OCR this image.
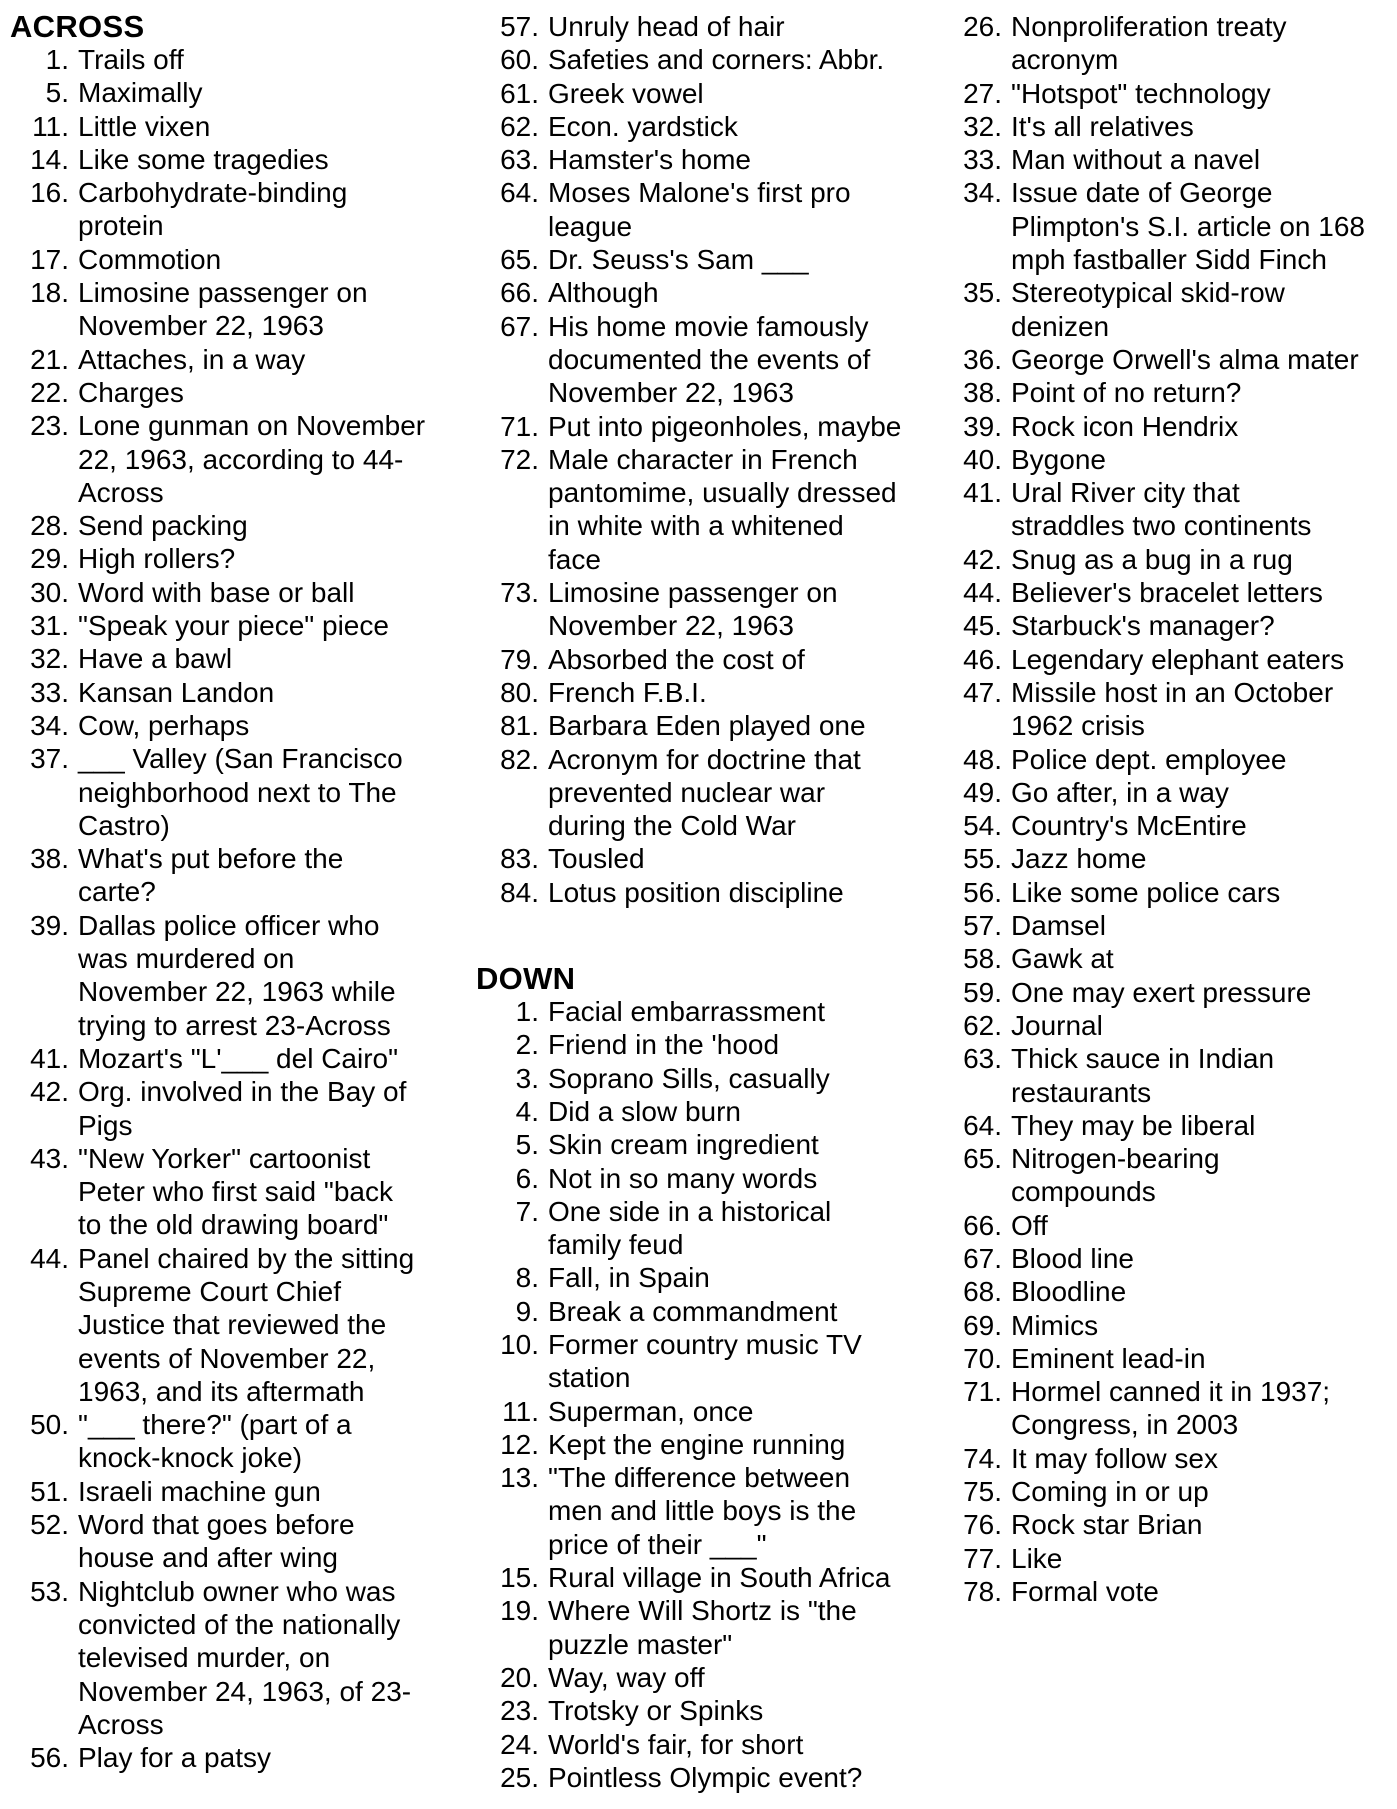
ACROSS
1. Trails off
5. Maximally
11. Little vixen
14. Like some tragedies
16. Carbohydrate-binding
protein
17. Commotion
18. Limosine passenger on
November 22, 1963
21. Attaches, in a way
22. Charges
23. Lone gunman on November
22, 1963, according to 44-
Across
28. Send packing
29. High rollers?
30. Word with base or ball
31. "Speak your piece" piece
32. Have a bawl
33. Kansan Landon
34. Cow, perhaps
37. ___ Valley (San Francisco
neighborhood next to The
Castro)
38. What's put before the
carte?
39. Dallas police officer who
was murdered on
November 22, 1963 while
trying to arrest 23-Across
41. Mozart's "L'___ del Cairo"
42. Org. involved in the Bay of
Pigs
43. "New Yorker" cartoonist
Peter who first said "back
to the old drawing board"
44. Panel chaired by the sitting
Supreme Court Chief
Justice that reviewed the
events of November 22,
1963, and its aftermath
50. "___ there?" (part of a
knock-knock joke)
51. Israeli machine gun
52. Word that goes before
house and after wing
53. Nightclub owner who was
convicted of the nationally
televised murder, on
November 24, 1963, of 23-
Across
56. Play for a patsy
57. Unruly head of hair
60. Safeties and corners: Abbr.
61. Greek vowel
62. Econ. yardstick
63. Hamster's home
64. Moses Malone's first pro
league
65. Dr. Seuss's Sam ___
66. Although
67. His home movie famously
documented the events of
November 22, 1963
71. Put into pigeonholes, maybe
72. Male character in French
pantomime, usually dressed
in white with a whitened
face
73. Limosine passenger on
November 22, 1963
79. Absorbed the cost of
80. French F.B.I.
81. Barbara Eden played one
82. Acronym for doctrine that
prevented nuclear war
during the Cold War
83. Tousled
84. Lotus position discipline
DOWN
1. Facial embarrassment
2. Friend in the 'hood
3. Soprano Sills, casually
4. Did a slow burn
5. Skin cream ingredient
6. Not in so many words
7. One side in a historical
family feud
8. Fall, in Spain
9. Break a commandment
10. Former country music TV
station
11. Superman, once
12. Kept the engine running
13. "The difference between
men and little boys is the
price of their ___"
15. Rural village in South Africa
19. Where Will Shortz is "the
puzzle master"
20. Way, way off
23. Trotsky or Spinks
24. World's fair, for short
25. Pointless Olympic event?
26. Nonproliferation treaty
acronym
27. "Hotspot" technology
32. It's all relatives
33. Man without a navel
34. Issue date of George
Plimpton's S.I. article on 168
mph fastballer Sidd Finch
35. Stereotypical skid-row
denizen
36. George Orwell's alma mater
38. Point of no return?
39. Rock icon Hendrix
40. Bygone
41. Ural River city that
straddles two continents
42. Snug as a bug in a rug
44. Believer's bracelet letters
45. Starbuck's manager?
46. Legendary elephant eaters
47. Missile host in an October
1962 crisis
48. Police dept. employee
49. Go after, in a way
54. Country's McEntire
55. Jazz home
56. Like some police cars
57. Damsel
58. Gawk at
59. One may exert pressure
62. Journal
63. Thick sauce in Indian
restaurants
64. They may be liberal
65. Nitrogen-bearing
compounds
66. Off
67. Blood line
68. Bloodline
69. Mimics
70. Eminent lead-in
71. Hormel canned it in 1937;
Congress, in 2003
74. It may follow sex
75. Coming in or up
76. Rock star Brian
77. Like
78. Formal vote
